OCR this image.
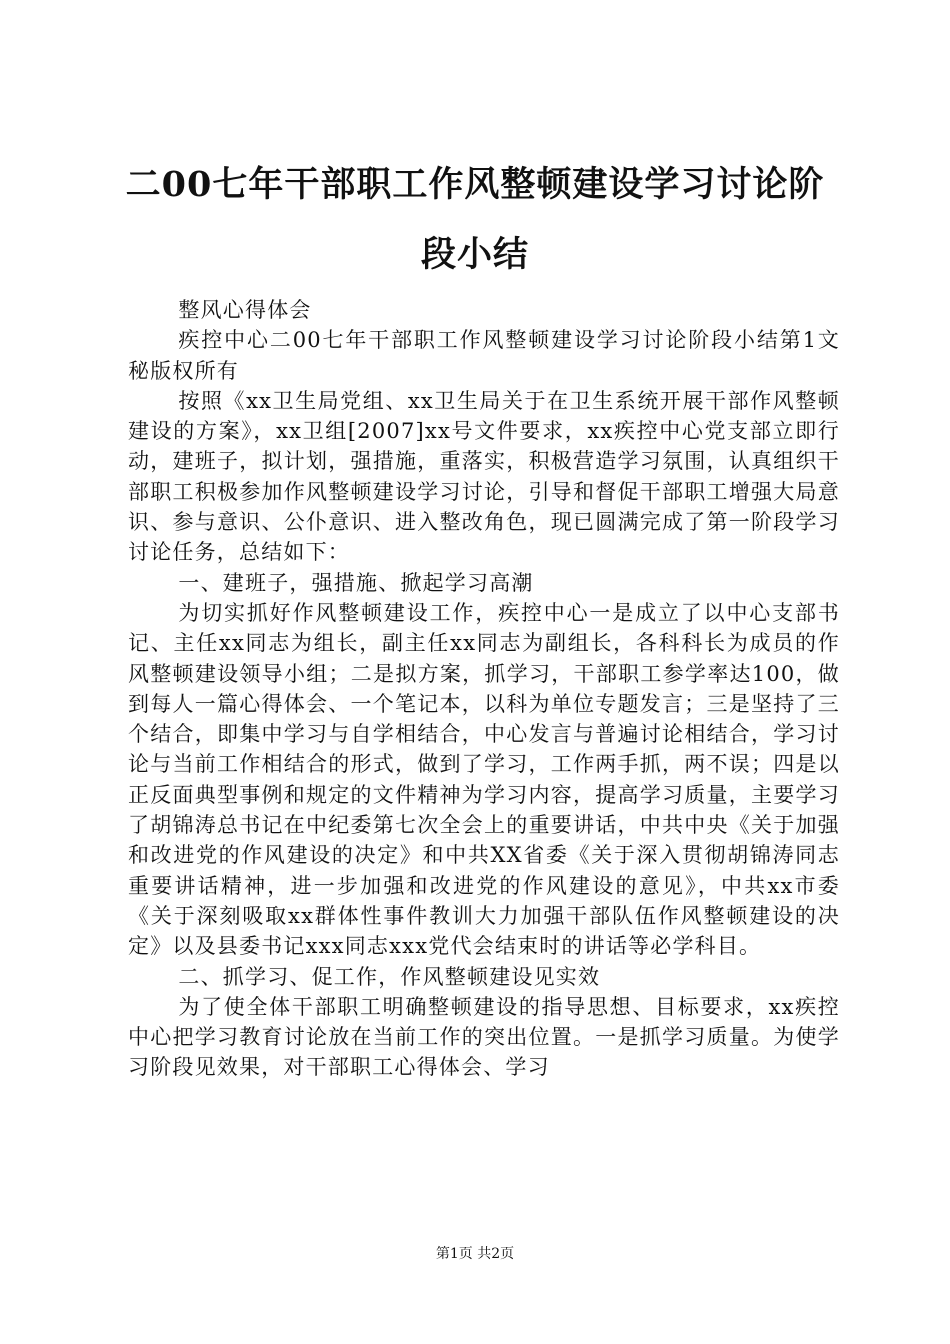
二00七年干部职工作风整顿建设学习讨论阶段小结

整风心得体会

疾控中心二00七年干部职工作风整顿建设学习讨论阶段小结第1文秘版权所有

按照《xx卫生局党组、xx卫生局关于在卫生系统开展干部作风整顿建设的方案》，xx卫组[2007]xx号文件要求，xx疾控中心党支部立即行动，建班子，拟计划，强措施，重落实，积极营造学习氛围，认真组织干部职工积极参加作风整顿建设学习讨论，引导和督促干部职工增强大局意识、参与意识、公仆意识、进入整改角色，现已圆满完成了第一阶段学习讨论任务，总结如下：

一、建班子，强措施、掀起学习高潮

为切实抓好作风整顿建设工作，疾控中心一是成立了以中心支部书记、主任xx同志为组长，副主任xx同志为副组长，各科科长为成员的作风整顿建设领导小组；二是拟方案，抓学习，干部职工参学率达100，做到每人一篇心得体会、一个笔记本，以科为单位专题发言；三是坚持了三个结合，即集中学习与自学相结合，中心发言与普遍讨论相结合，学习讨论与当前工作相结合的形式，做到了学习，工作两手抓，两不误；四是以正反面典型事例和规定的文件精神为学习内容，提高学习质量，主要学习了胡锦涛总书记在中纪委第七次全会上的重要讲话，中共中央《关于加强和改进党的作风建设的决定》和中共XX省委《关于深入贯彻胡锦涛同志重要讲话精神，进一步加强和改进党的作风建设的意见》，中共xx市委《关于深刻吸取xx群体性事件教训大力加强干部队伍作风整顿建设的决定》以及县委书记xxx同志xxx党代会结束时的讲话等必学科目。

二、抓学习、促工作，作风整顿建设见实效

为了使全体干部职工明确整顿建设的指导思想、目标要求，xx疾控中心把学习教育讨论放在当前工作的突出位置。一是抓学习质量。为使学习阶段见效果，对干部职工心得体会、学习

第1页 共2页
